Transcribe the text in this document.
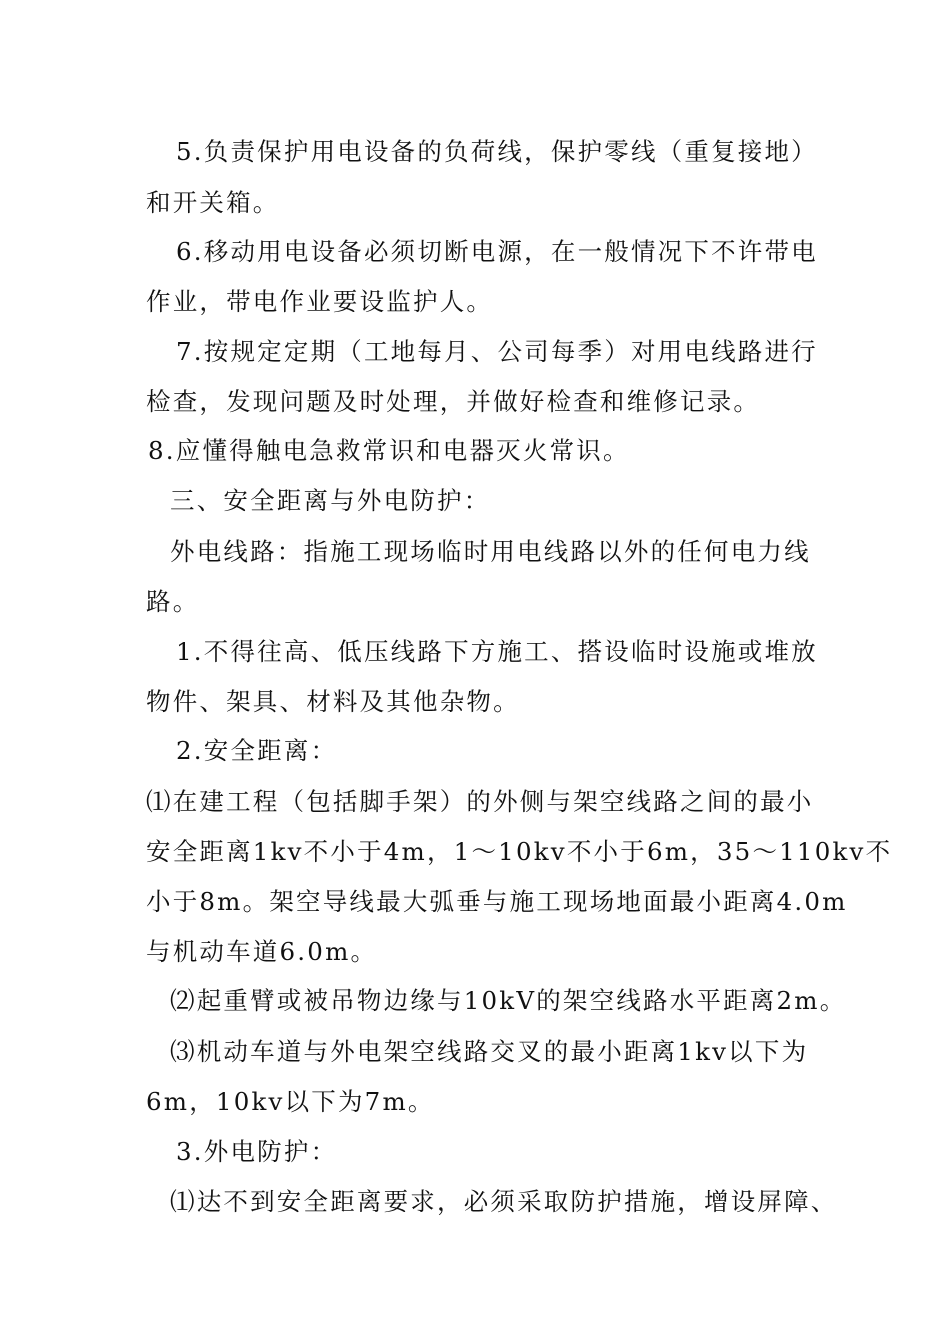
5.负责保护用电设备的负荷线，保护零线（重复接地）
和开关箱。
6.移动用电设备必须切断电源，在一般情况下不许带电
作业，带电作业要设监护人。
7.按规定定期（工地每月、公司每季）对用电线路进行
检查，发现问题及时处理，并做好检查和维修记录。
8.应懂得触电急救常识和电器灭火常识。
三、安全距离与外电防护：
外电线路：指施工现场临时用电线路以外的任何电力线
路。
1.不得往高、低压线路下方施工、搭设临时设施或堆放
物件、架具、材料及其他杂物。
2.安全距离：
⑴在建工程（包括脚手架）的外侧与架空线路之间的最小
安全距离1kv不小于4m，1～10kv不小于6m，35～110kv不
小于8m。架空导线最大弧垂与施工现场地面最小距离4.0m
与机动车道6.0m。
⑵起重臂或被吊物边缘与10kV的架空线路水平距离2m。
⑶机动车道与外电架空线路交叉的最小距离1kv以下为
6m，10kv以下为7m。
3.外电防护：
⑴达不到安全距离要求，必须采取防护措施，增设屏障、
